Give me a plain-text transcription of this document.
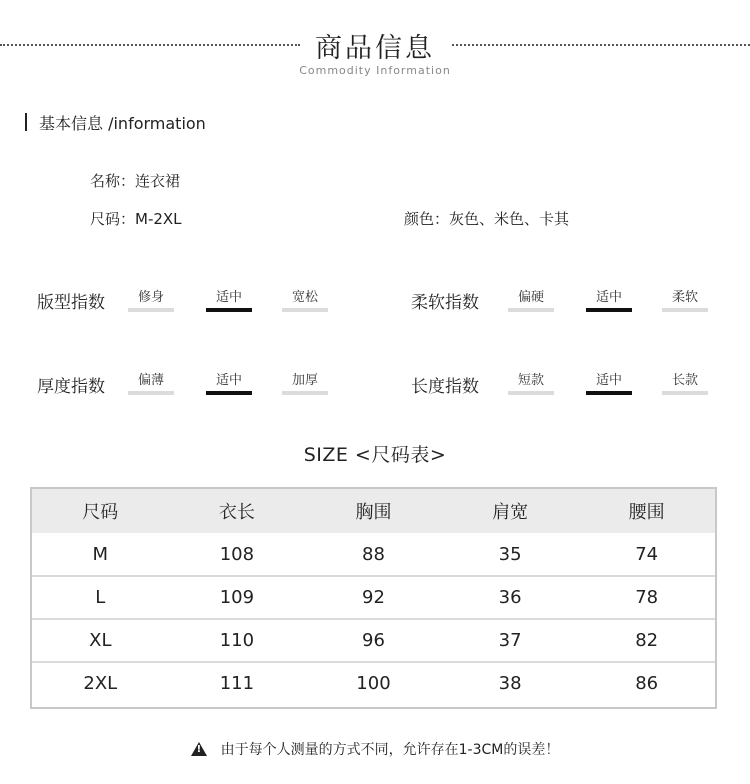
商品信息
Commodity Information
基本信息 /information
名称：连衣裙
尺码：M-2XL	颜色：灰色、米色、卡其
版型指数	修身	适中	宽松	柔软指数	偏硬	适中	柔软
厚度指数	偏薄	适中	加厚	长度指数	短款	适中	长款
SIZE <尺码表>
尺码	衣长	胸围	肩宽	腰围
M	108	88	35	74
L	109	92	36	78
XL	110	96	37	82
2XL	111	100	38	86
!
由于每个人测量的方式不同，允许存在1-3CM的误差！
